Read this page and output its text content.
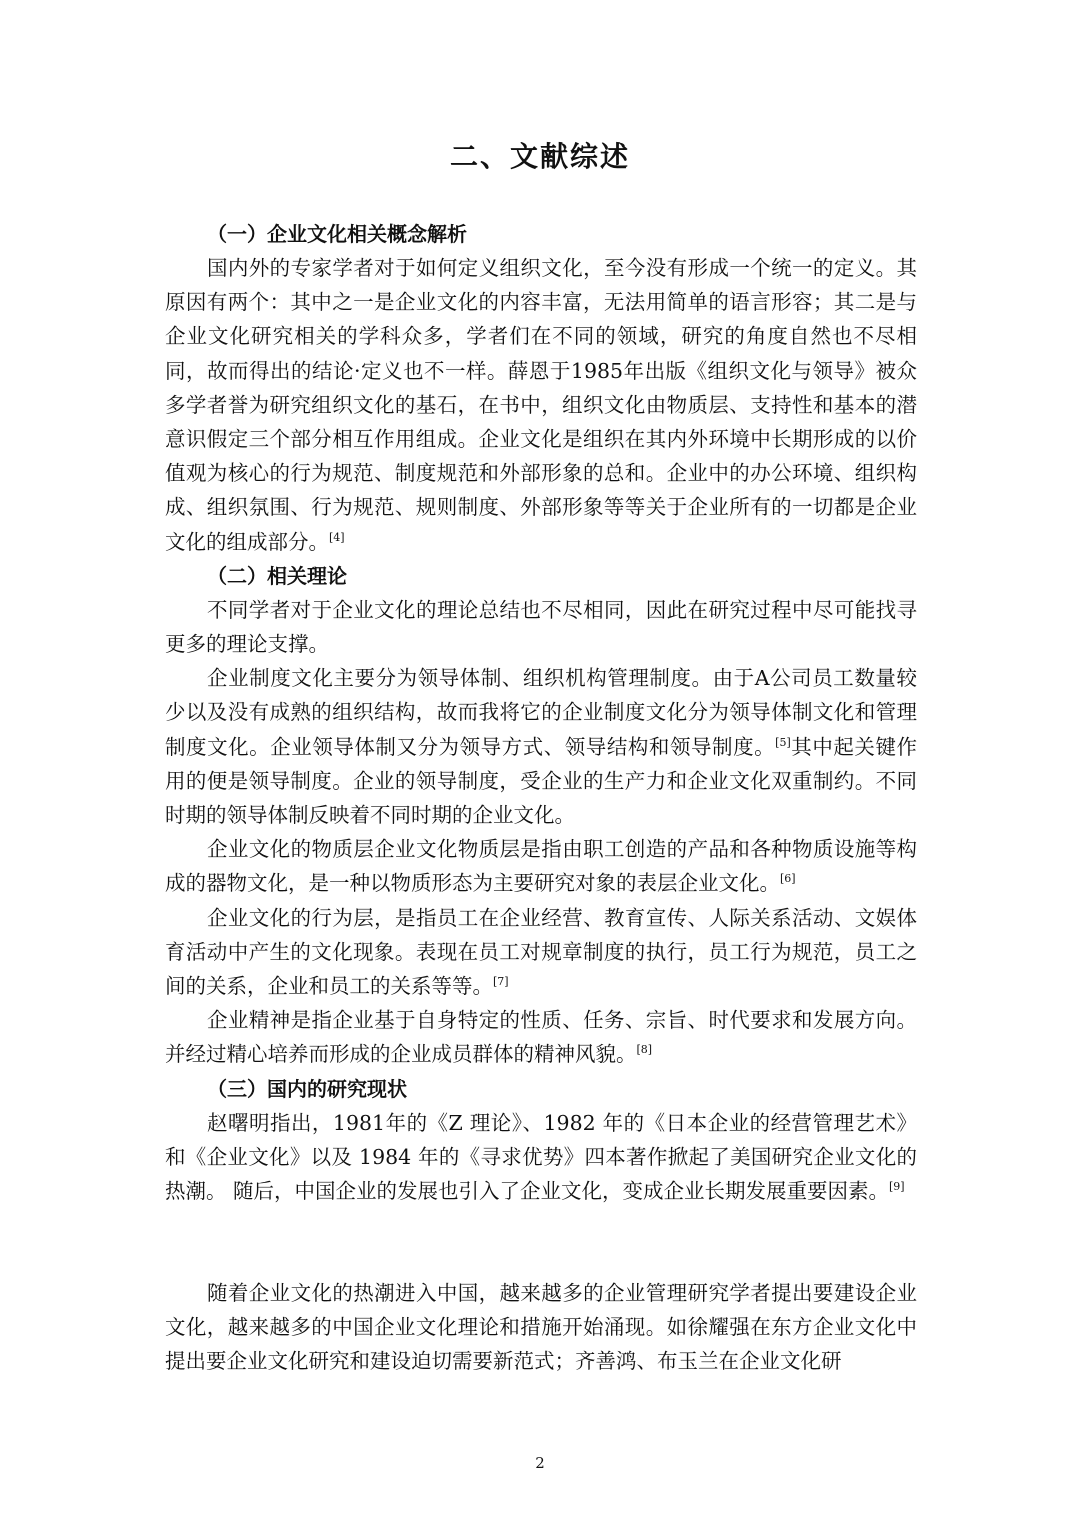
二、文献综述
（一）企业文化相关概念解析

国内外的专家学者对于如何定义组织文化，至今没有形成一个统一的定义。其原因有两个：其中之一是企业文化的内容丰富，无法用简单的语言形容；其二是与企业文化研究相关的学科众多，学者们在不同的领域，研究的角度自然也不尽相同，故而得出的结论·定义也不一样。薛恩于1985年出版《组织文化与领导》被众多学者誉为研究组织文化的基石，在书中，组织文化由物质层、支持性和基本的潜意识假定三个部分相互作用组成。企业文化是组织在其内外环境中长期形成的以价值观为核心的行为规范、制度规范和外部形象的总和。企业中的办公环境、组织构成、组织氛围、行为规范、规则制度、外部形象等等关于企业所有的一切都是企业文化的组成部分。[4]

（二）相关理论

不同学者对于企业文化的理论总结也不尽相同，因此在研究过程中尽可能找寻更多的理论支撑。

企业制度文化主要分为领导体制、组织机构管理制度。由于A公司员工数量较少以及没有成熟的组织结构，故而我将它的企业制度文化分为领导体制文化和管理制度文化。企业领导体制又分为领导方式、领导结构和领导制度。[5]其中起关键作用的便是领导制度。企业的领导制度，受企业的生产力和企业文化双重制约。不同时期的领导体制反映着不同时期的企业文化。

企业文化的物质层企业文化物质层是指由职工创造的产品和各种物质设施等构成的器物文化，是一种以物质形态为主要研究对象的表层企业文化。[6]

企业文化的行为层，是指员工在企业经营、教育宣传、人际关系活动、文娱体育活动中产生的文化现象。表现在员工对规章制度的执行，员工行为规范，员工之间的关系，企业和员工的关系等等。[7]

企业精神是指企业基于自身特定的性质、任务、宗旨、时代要求和发展方向。并经过精心培养而形成的企业成员群体的精神风貌。[8]

（三）国内的研究现状

赵曙明指出，1981年的《Z 理论》、1982 年的《日本企业的经营管理艺术》和《企业文化》以及 1984 年的《寻求优势》四本著作掀起了美国研究企业文化的热潮。 随后，中国企业的发展也引入了企业文化，变成企业长期发展重要因素。[9]

随着企业文化的热潮进入中国，越来越多的企业管理研究学者提出要建设企业文化，越来越多的中国企业文化理论和措施开始涌现。如徐耀强在东方企业文化中提出要企业文化研究和建设迫切需要新范式；齐善鸿、布玉兰在企业文化研

2
